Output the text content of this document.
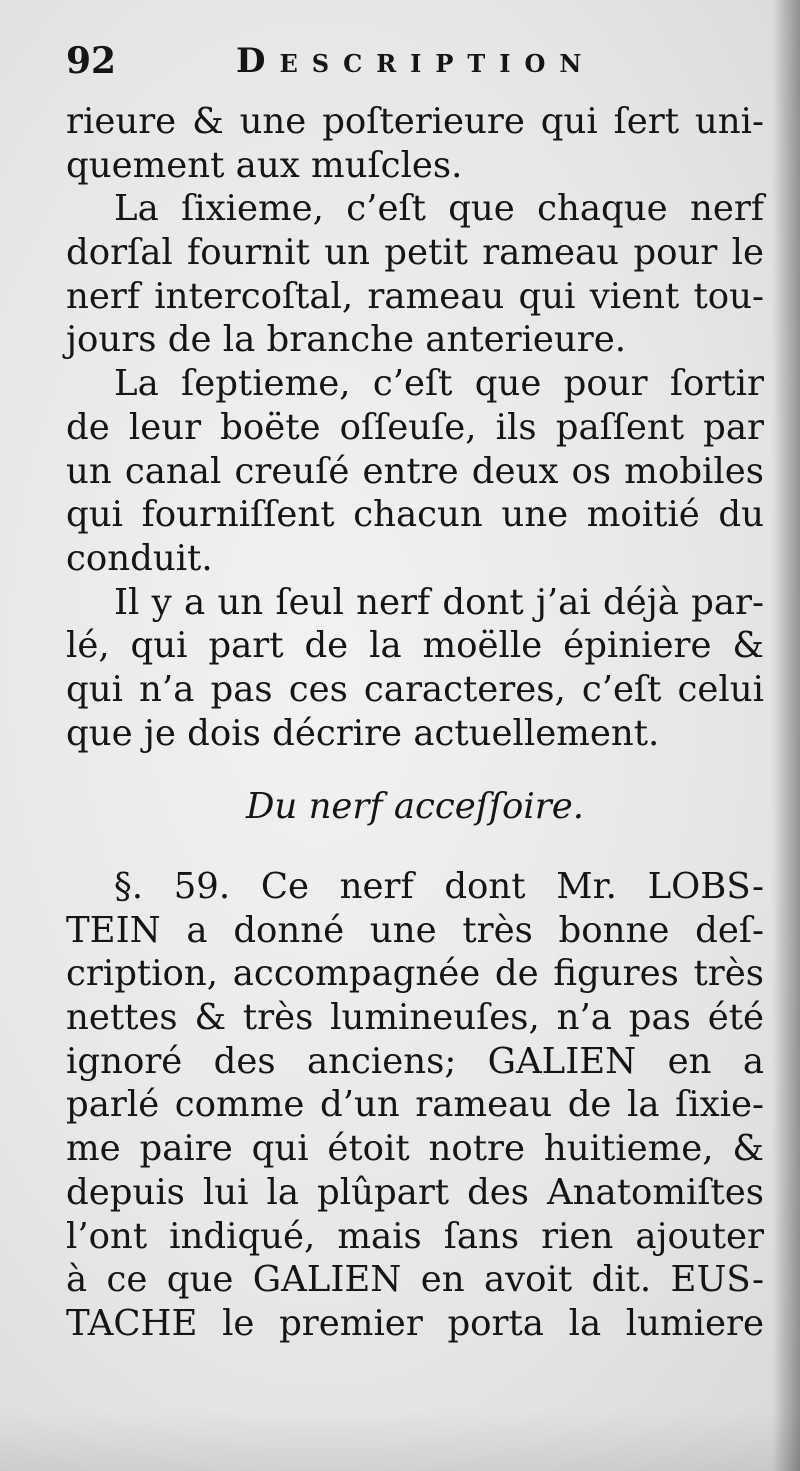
92	Description
rieure & une poſterieure qui ſert uni-
quement aux muſcles.
La ſixieme, c’eſt que chaque nerf
dorſal fournit un petit rameau pour le
nerf intercoſtal, rameau qui vient tou-
jours de la branche anterieure.
La ſeptieme, c’eſt que pour ſortir
de leur boëte oſſeuſe, ils paſſent par
un canal creuſé entre deux os mobiles
qui fourniſſent chacun une moitié du
conduit.
Il y a un ſeul nerf dont j’ai déjà par-
lé, qui part de la moëlle épiniere &
qui n’a pas ces caracteres, c’eſt celui
que je dois décrire actuellement.
Du nerf acceſſoire.
§. 59. Ce nerf dont Mr. LOBS-
TEIN a donné une très bonne deſ-
cription, accompagnée de figures très
nettes & très lumineuſes, n’a pas été
ignoré des anciens; GALIEN en a
parlé comme d’un rameau de la ſixie-
me paire qui étoit notre huitieme, &
depuis lui la plûpart des Anatomiſtes
l’ont indiqué, mais ſans rien ajouter
à ce que GALIEN en avoit dit. EUS-
TACHE le premier porta la lumiere
